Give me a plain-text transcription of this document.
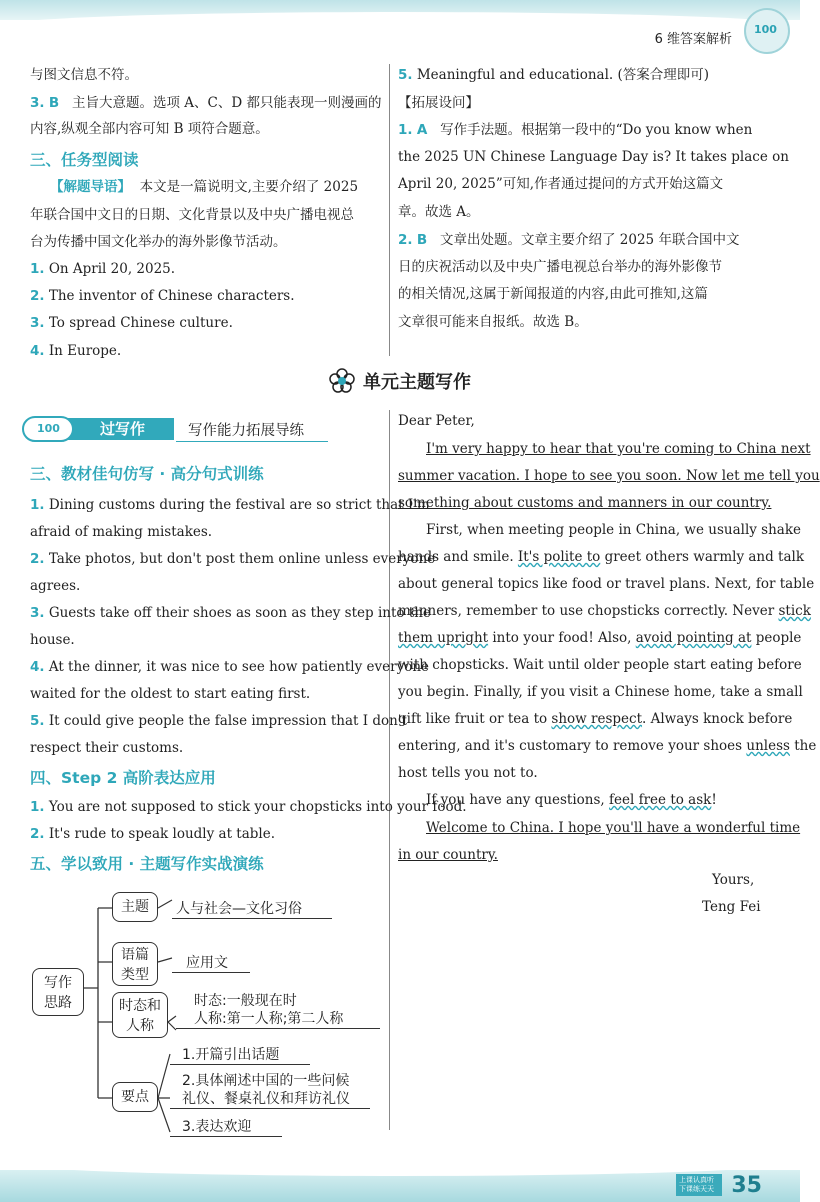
6 维答案解析
100
与图文信息不符。
3. B 主旨大意题。选项 A、C、D 都只能表现一则漫画的
内容,纵观全部内容可知 B 项符合题意。
三、任务型阅读
【解题导语】 本文是一篇说明文,主要介绍了 2025
年联合国中文日的日期、文化背景以及中央广播电视总
台为传播中国文化举办的海外影像节活动。
1. On April 20, 2025.
2. The inventor of Chinese characters.
3. To spread Chinese culture.
4. In Europe.
5. Meaningful and educational. (答案合理即可)
【拓展设问】
1. A 写作手法题。根据第一段中的“Do you know when
the 2025 UN Chinese Language Day is? It takes place on
April 20, 2025”可知,作者通过提问的方式开始这篇文
章。故选 A。
2. B 文章出处题。文章主要介绍了 2025 年联合国中文
日的庆祝活动以及中央广播电视总台举办的海外影像节
的相关情况,这属于新闻报道的内容,由此可推知,这篇
文章很可能来自报纸。故选 B。
单元主题写作
过写作
100	写作能力拓展导练
三、教材佳句仿写 · 高分句式训练
1. Dining customs during the festival are so strict that I'm
afraid of making mistakes.
2. Take photos, but don't post them online unless everyone
agrees.
3. Guests take off their shoes as soon as they step into the
house.
4. At the dinner, it was nice to see how patiently everyone
waited for the oldest to start eating first.
5. It could give people the false impression that I don't
respect their customs.
四、Step 2 高阶表达应用
1. You are not supposed to stick your chopsticks into your food.
2. It's rude to speak loudly at table.
五、学以致用 · 主题写作实战演练
写作
思路
主题	人与社会—文化习俗
语篇
类型
应用文
时态和
人称
时态:一般现在时
人称:第一人称;第二人称
要点
1.开篇引出话题
2.具体阐述中国的一些问候
礼仪、餐桌礼仪和拜访礼仪
3.表达欢迎
Dear Peter,
I'm very happy to hear that you're coming to China next
summer vacation. I hope to see you soon. Now let me tell you
something about customs and manners in our country.
First, when meeting people in China, we usually shake
hands and smile. It's polite to greet others warmly and talk
about general topics like food or travel plans. Next, for table
manners, remember to use chopsticks correctly. Never stick
them upright into your food! Also, avoid pointing at people
with chopsticks. Wait until older people start eating before
you begin. Finally, if you visit a Chinese home, take a small
gift like fruit or tea to show respect. Always knock before
entering, and it's customary to remove your shoes unless the
host tells you not to.
If you have any questions, feel free to ask!
Welcome to China. I hope you'll have a wonderful time
in our country.
Yours,
Teng Fei
上课认真听 下课练天天 35
